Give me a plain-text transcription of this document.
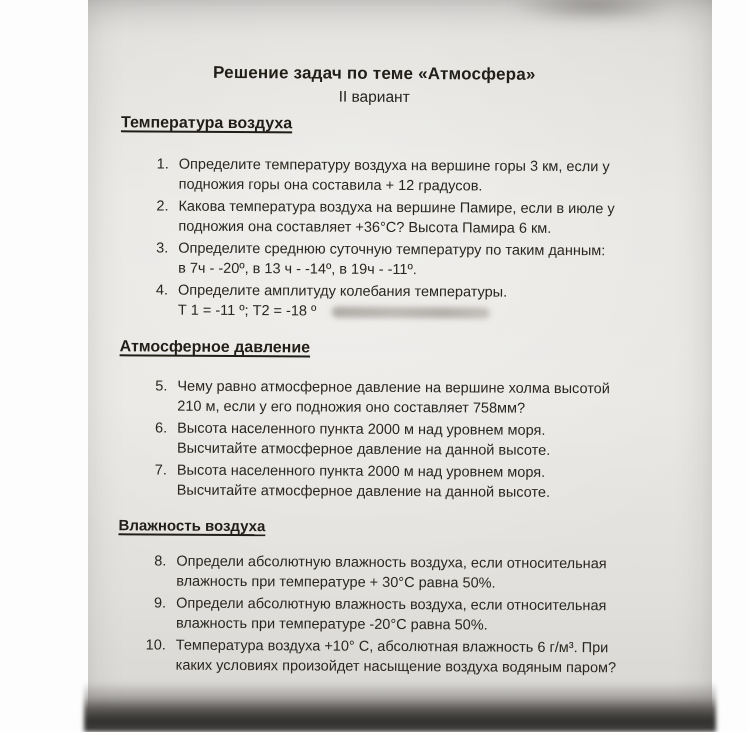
Решение задач по теме «Атмосфера»
II вариант
Температура воздуха
1. Определите температуру воздуха на вершине горы 3 км, если у
подножия горы она составила + 12 градусов.
2. Какова температура воздуха на вершине Памире, если в июле у
подножия она составляет +36°С? Высота Памира 6 км.
3. Определите среднюю суточную температуру по таким данным:
в 7ч - -20º, в 13 ч - -14º, в 19ч - -11º.
4. Определите амплитуду колебания температуры.
Т 1 = -11 º; Т2 = -18 º
Атмосферное давление
5. Чему равно атмосферное давление на вершине холма высотой
210 м, если у его подножия оно составляет 758мм?
6. Высота населенного пункта 2000 м над уровнем моря.
Высчитайте атмосферное давление на данной высоте.
7. Высота населенного пункта 2000 м над уровнем моря.
Высчитайте атмосферное давление на данной высоте.
Влажность воздуха
8. Определи абсолютную влажность воздуха, если относительная
влажность при температуре + 30°С равна 50%.
9. Определи абсолютную влажность воздуха, если относительная
влажность при температуре -20°С равна 50%.
10. Температура воздуха +10° С, абсолютная влажность 6 г/м³. При
каких условиях произойдет насыщение воздуха водяным паром?
